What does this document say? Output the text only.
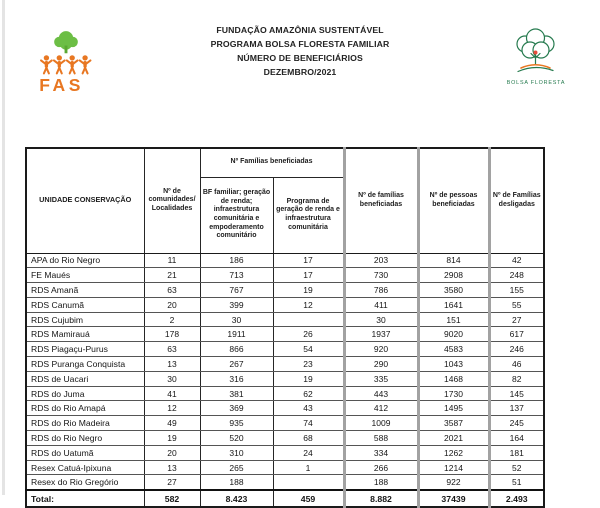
FAS
FUNDAÇÃO AMAZÔNIA SUSTENTÁVEL
PROGRAMA BOLSA FLORESTA FAMILIAR
NÚMERO DE BENEFICIÁRIOS
DEZEMBRO/2021
BOLSA FLORESTA
UNIDADE CONSERVAÇÃO	Nº de comunidades/ Localidades	Nº Famílias beneficiadas		Nº de famílias beneficiadas	Nº de pessoas beneficiadas	Nº de Famílias desligadas
		BF familiar; geração de renda; infraestrutura comunitária e empoderamento comunitário	Programa de geração de renda e infraestrutura comunitária			
APA do Rio Negro	11	186	17	203	814	42
FE Maués	21	713	17	730	2908	248
RDS Amanã	63	767	19	786	3580	155
RDS Canumã	20	399	12	411	1641	55
RDS Cujubim	2	30		30	151	27
RDS Mamirauá	178	1911	26	1937	9020	617
RDS Piagaçu-Purus	63	866	54	920	4583	246
RDS Puranga Conquista	13	267	23	290	1043	46
RDS de Uacari	30	316	19	335	1468	82
RDS do Juma	41	381	62	443	1730	145
RDS do Rio Amapá	12	369	43	412	1495	137
RDS do Rio Madeira	49	935	74	1009	3587	245
RDS do Rio Negro	19	520	68	588	2021	164
RDS do Uatumã	20	310	24	334	1262	181
Resex Catuá-Ipixuna	13	265	1	266	1214	52
Resex do Rio Gregório	27	188		188	922	51
Total:	582	8.423	459	8.882	37439	2.493
